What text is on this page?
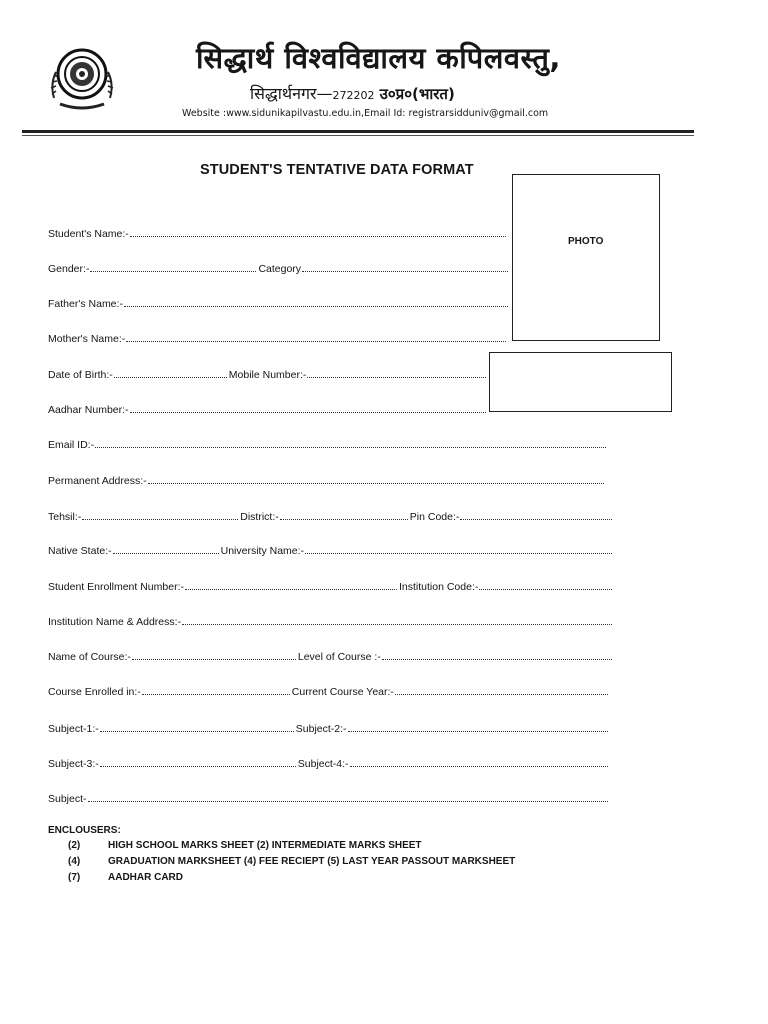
सिद्धार्थ विश्वविद्यालय कपिलवस्तु,
सिद्धार्थनगर—272202 उ०प्र०(भारत)
Website :www.sidunikapilvastu.edu.in,Email Id: registrarsidduniv@gmail.com
STUDENT'S TENTATIVE DATA FORMAT
PHOTO
Student's Name:-
Gender:-	Category
Father's Name:-
Mother's Name:-
Date of Birth:-	Mobile Number:-
Aadhar Number:-
Email ID:-
Permanent Address:-
Tehsil:-	District:-	Pin Code:-
Native State:-	University Name:-
Student Enrollment Number:-	Institution Code:-
Institution Name & Address:-
Name of Course:-	Level of Course :-
Course Enrolled in:-	Current Course Year:-
Subject-1:-	Subject-2:-
Subject-3:-	Subject-4:-
Subject-
ENCLOUSERS:
(2)	HIGH SCHOOL MARKS SHEET (2) INTERMEDIATE MARKS SHEET
(4)	GRADUATION MARKSHEET (4) FEE RECIEPT (5) LAST YEAR PASSOUT MARKSHEET
(7)	AADHAR CARD
